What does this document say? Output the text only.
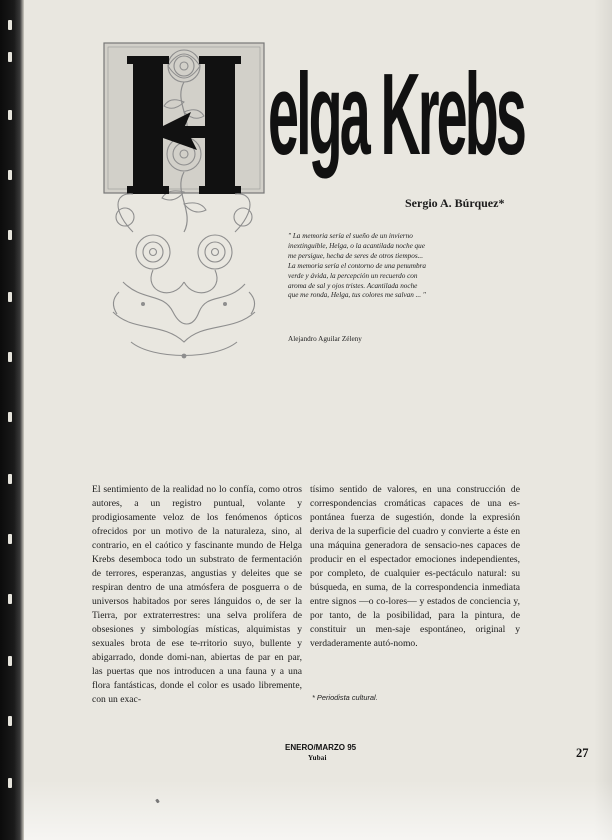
elga Krebs
Sergio A. Búrquez*
" La memoria sería el sueño de un invierno inextinguible, Helga, o la acantilada noche que me persigue, hecha de seres de otros tiempos... La memoria sería el contorno de una penumbra verde y ávida, la percepción un recuerdo con aroma de sal y ojos tristes. Acantilada noche que me ronda, Helga, tus colores me salvan ... "
Alejandro Aguilar Zéleny
El sentimiento de la realidad no lo confía, como otros autores, a un registro puntual, volante y prodigiosamente veloz de los fenómenos ópticos ofrecidos por un motivo de la naturaleza, sino, al contrario, en el caótico y fascinante mundo de Helga Krebs desemboca todo un substrato de fermentación de terrores, esperanzas, angustias y deleites que se respiran dentro de una atmósfera de posguerra o de universos habitados por seres lánguidos o, de ser la Tierra, por extraterrestres: una selva prolífera de obsesiones y simbologías místicas, alquimistas y sexuales brota de ese te-rritorio suyo, bullente y abigarrado, donde domi-nan, abiertas de par en par, las puertas que nos introducen a una fauna y a una flora fantásticas, donde el color es usado libremente, con un exac-
tísimo sentido de valores, en una construcción de correspondencias cromáticas capaces de una es-pontánea fuerza de sugestión, donde la expresión deriva de la superficie del cuadro y convierte a éste en una máquina generadora de sensacio-nes capaces de producir en el espectador emociones independientes, por completo, de cualquier es-pectáculo natural: su búsqueda, en suma, de la correspondencia inmediata entre signos —o co-lores— y estados de conciencia y, por tanto, de la posibilidad, para la pintura, de constituir un men-saje espontáneo, original y verdaderamente autó-nomo.
* Periodista cultural.
ENERO/MARZO 95
Yubai	27
